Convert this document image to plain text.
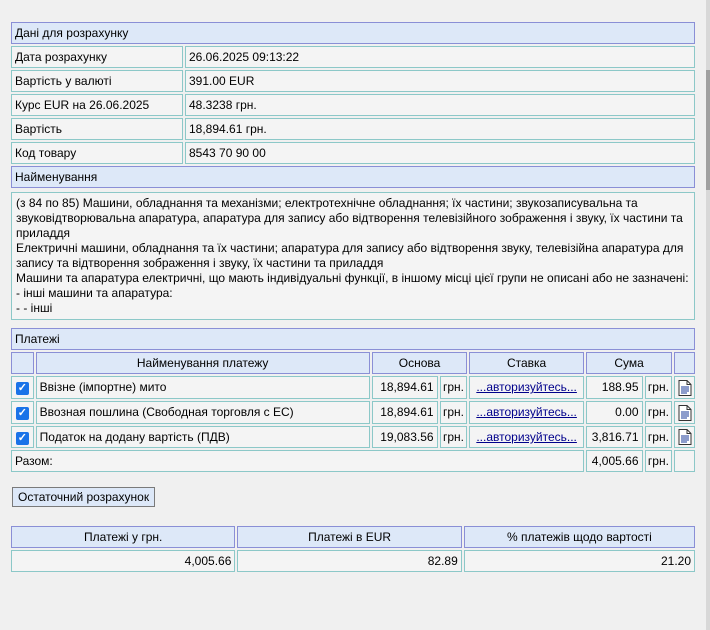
Дані для розрахунку	
Дата розрахунку	26.06.2025 09:13:22
Вартість у валюті	391.00 EUR
Курс EUR на 26.06.2025	48.3238 грн.
Вартість	18,894.61 грн.
Код товару	8543 70 90 00
Найменування	
(з 84 по 85) Машини, обладнання та механізми; електротехнічне обладнання; їх частини; звукозаписувальна та звуковідтворювальна апаратура, апаратура для запису або відтворення телевізійного зображення і звуку, їх частини та приладдя
Електричні машини, обладнання та їх частини; апаратура для запису або відтворення звуку, телевізійна апаратура для запису та відтворення зображення і звуку, їх частини та приладдя
Машини та апаратура електричні, що мають індивідуальні функції, в іншому місці цієї групи не описані або не зазначені:
- інші машини та апаратура:
- - інші
Платежі							
	Найменування платежу	Основа		Ставка	Сума		
✓	Ввізне (імпортне) мито	18,894.61	грн.	...авторизуйтесь...	188.95	грн.	
✓	Ввозная пошлина (Свободная торговля с ЕС)	18,894.61	грн.	...авторизуйтесь...	0.00	грн.	
✓	Податок на додану вартість (ПДВ)	19,083.56	грн.	...авторизуйтесь...	3,816.71	грн.	
Разом:					4,005.66	грн.	
Остаточний розрахунок
Платежі у грн.	Платежі в EUR	% платежів щодо вартості
4,005.66	82.89	21.20
